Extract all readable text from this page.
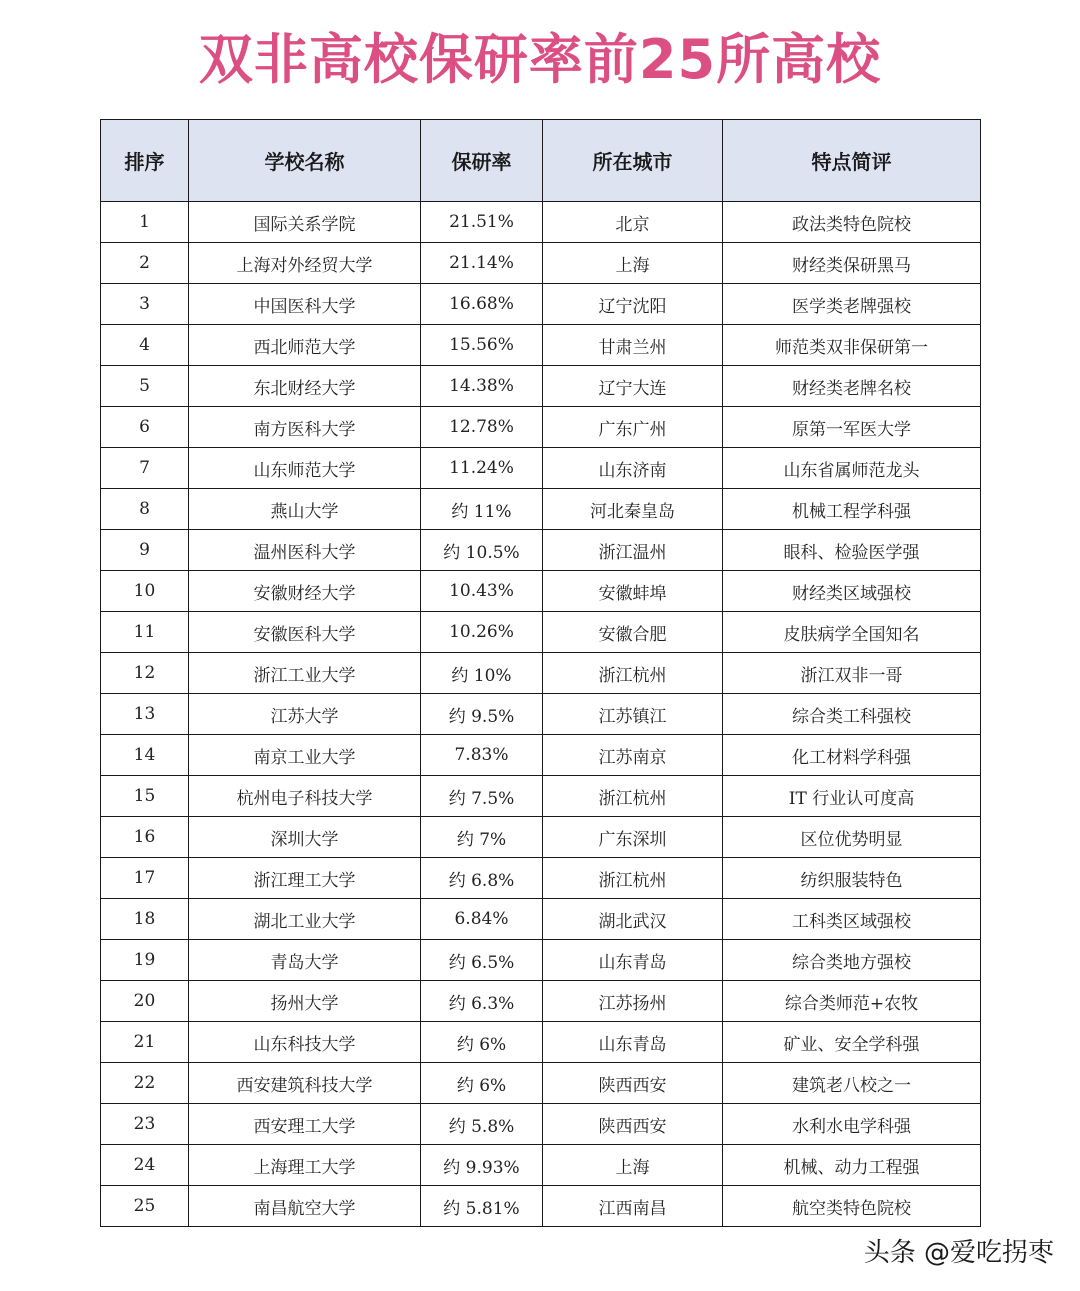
双非高校保研率前25所高校
排序	学校名称	保研率	所在城市	特点简评
1	国际关系学院	21.51%	北京	政法类特色院校
2	上海对外经贸大学	21.14%	上海	财经类保研黑马
3	中国医科大学	16.68%	辽宁沈阳	医学类老牌强校
4	西北师范大学	15.56%	甘肃兰州	师范类双非保研第一
5	东北财经大学	14.38%	辽宁大连	财经类老牌名校
6	南方医科大学	12.78%	广东广州	原第一军医大学
7	山东师范大学	11.24%	山东济南	山东省属师范龙头
8	燕山大学	约 11%	河北秦皇岛	机械工程学科强
9	温州医科大学	约 10.5%	浙江温州	眼科、检验医学强
10	安徽财经大学	10.43%	安徽蚌埠	财经类区域强校
11	安徽医科大学	10.26%	安徽合肥	皮肤病学全国知名
12	浙江工业大学	约 10%	浙江杭州	浙江双非一哥
13	江苏大学	约 9.5%	江苏镇江	综合类工科强校
14	南京工业大学	7.83%	江苏南京	化工材料学科强
15	杭州电子科技大学	约 7.5%	浙江杭州	IT 行业认可度高
16	深圳大学	约 7%	广东深圳	区位优势明显
17	浙江理工大学	约 6.8%	浙江杭州	纺织服装特色
18	湖北工业大学	6.84%	湖北武汉	工科类区域强校
19	青岛大学	约 6.5%	山东青岛	综合类地方强校
20	扬州大学	约 6.3%	江苏扬州	综合类师范+农牧
21	山东科技大学	约 6%	山东青岛	矿业、安全学科强
22	西安建筑科技大学	约 6%	陕西西安	建筑老八校之一
23	西安理工大学	约 5.8%	陕西西安	水利水电学科强
24	上海理工大学	约 9.93%	上海	机械、动力工程强
25	南昌航空大学	约 5.81%	江西南昌	航空类特色院校
头条 @爱吃拐枣
